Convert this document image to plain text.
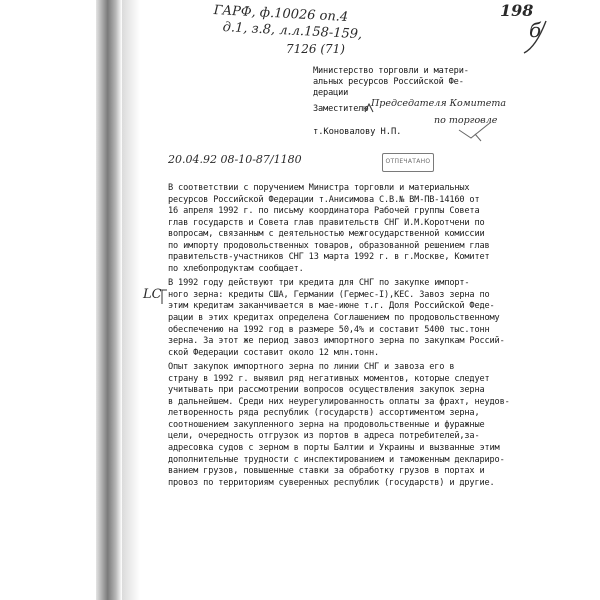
ГАРФ, ф.10026 оп.4
д.1, з.8, л.л.158-159,
198
б
7126 (71)
Министерство торговли и матери-
альных ресурсов Российской Фе-
дерации
Заместителю Председателя Комитета
по торговле
т.Коновалову Н.П.
20.04.92 08-10-87/1180	ОТПЕЧАТАНО
LC
В соответствии с поручением Министра торговли и материальных
ресурсов Российской Федерации т.Анисимова С.В.№ ВМ-ПВ-14160 от
16 апреля 1992 г. по письму координатора Рабочей группы Совета
глав государств и Совета глав правительств СНГ И.М.Коротчени по
вопросам, связанным с деятельностью межгосударственной комиссии
по импорту продовольственных товаров, образованной решением глав
правительств-участников СНГ 13 марта 1992 г. в г.Москве, Комитет
по хлебопродуктам сообщает.
В 1992 году действуют три кредита для СНГ по закупке импорт-
ного зерна: кредиты США, Германии (Гермес-I),КЕС. Завоз зерна по
этим кредитам заканчивается в мае-июне т.г. Доля Российской Феде-
рации в этих кредитах определена Соглашением по продовольственному
обеспечению на 1992 год в размере 50,4% и составит 5400 тыс.тонн
зерна. За этот же период завоз импортного зерна по закупкам Россий-
ской Федерации составит около 12 млн.тонн.
Опыт закупок импортного зерна по линии СНГ и завоза его в
страну в 1992 г. выявил ряд негативных моментов, которые следует
учитывать при рассмотрении вопросов осуществления закупок зерна
в дальнейшем. Среди них неурегулированность оплаты за фрахт, неудов-
летворенность ряда республик (государств) ассортиментом зерна,
соотношением закупленного зерна на продовольственные и фуражные
цели, очередность отгрузок из портов в адреса потребителей,за-
адресовка судов с зерном в порты Балтии и Украины и вызванные этим
дополнительные трудности с инспектированием и таможенным деклариро-
ванием грузов, повышенные ставки за обработку грузов в портах и
провоз по территориям суверенных республик (государств) и другие.
